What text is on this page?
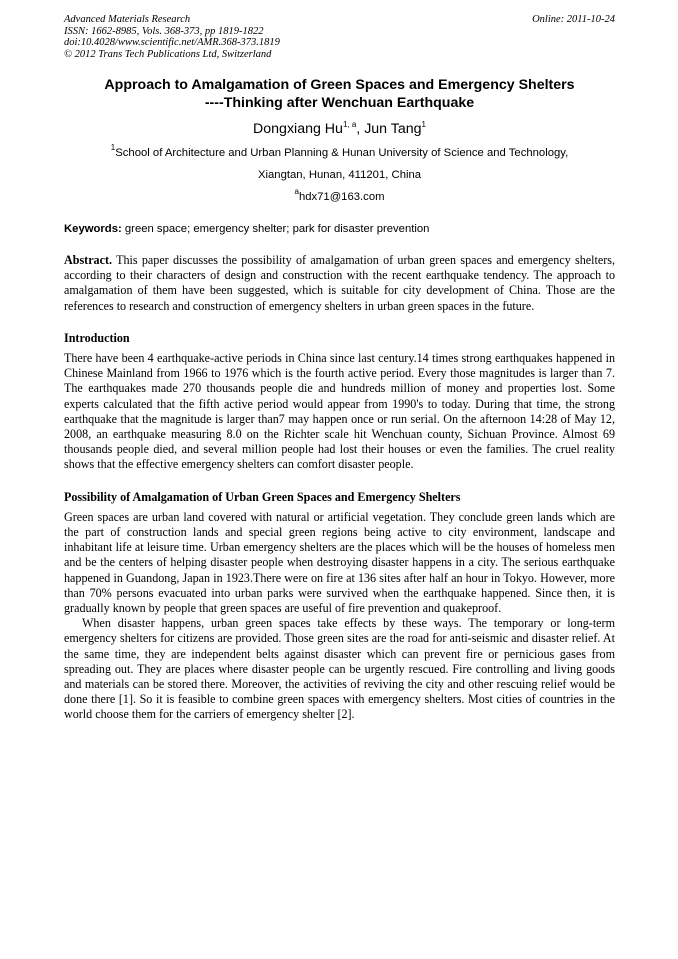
Advanced Materials Research
ISSN: 1662-8985, Vols. 368-373, pp 1819-1822
doi:10.4028/www.scientific.net/AMR.368-373.1819
© 2012 Trans Tech Publications Ltd, Switzerland
Online: 2011-10-24
Approach to Amalgamation of Green Spaces and Emergency Shelters
----Thinking after Wenchuan Earthquake
Dongxiang Hu$^{1, a}$, Jun Tang$^1$
$^1$School of Architecture and Urban Planning & Hunan University of Science and Technology,
Xiangtan, Hunan, 411201, China
$^a$hdx71@163.com
Keywords: green space; emergency shelter; park for disaster prevention
Abstract. This paper discusses the possibility of amalgamation of urban green spaces and emergency shelters, according to their characters of design and construction with the recent earthquake tendency. The approach to amalgamation of them have been suggested, which is suitable for city development of China. Those are the references to research and construction of emergency shelters in urban green spaces in the future.
Introduction
There have been 4 earthquake-active periods in China since last century.14 times strong earthquakes happened in Chinese Mainland from 1966 to 1976 which is the fourth active period. Every those magnitudes is larger than 7. The earthquakes made 270 thousands people die and hundreds million of money and properties lost. Some experts calculated that the fifth active period would appear from 1990's to today. During that time, the strong earthquake that the magnitude is larger than7 may happen once or run serial. On the afternoon 14:28 of May 12, 2008, an earthquake measuring 8.0 on the Richter scale hit Wenchuan county, Sichuan Province. Almost 69 thousands people died, and several million people had lost their houses or even the families. The cruel reality shows that the effective emergency shelters can comfort disaster people.
Possibility of Amalgamation of Urban Green Spaces and Emergency Shelters
Green spaces are urban land covered with natural or artificial vegetation. They conclude green lands which are the part of construction lands and special green regions being active to city environment, landscape and inhabitant life at leisure time. Urban emergency shelters are the places which will be the houses of homeless men and be the centers of helping disaster people when destroying disaster happens in a city. The serious earthquake happened in Guandong, Japan in 1923.There were on fire at 136 sites after half an hour in Tokyo. However, more than 70% persons evacuated into urban parks were survived when the earthquake happened. Since then, it is gradually known by people that green spaces are useful of fire prevention and quakeproof.
When disaster happens, urban green spaces take effects by these ways. The temporary or long-term emergency shelters for citizens are provided. Those green sites are the road for anti-seismic and disaster relief. At the same time, they are independent belts against disaster which can prevent fire or pernicious gases from spreading out. They are places where disaster people can be urgently rescued. Fire controlling and living goods and materials can be stored there. Moreover, the activities of reviving the city and other rescuing relief would be done there [1]. So it is feasible to combine green spaces with emergency shelters. Most cities of countries in the world choose them for the carriers of emergency shelter [2].
